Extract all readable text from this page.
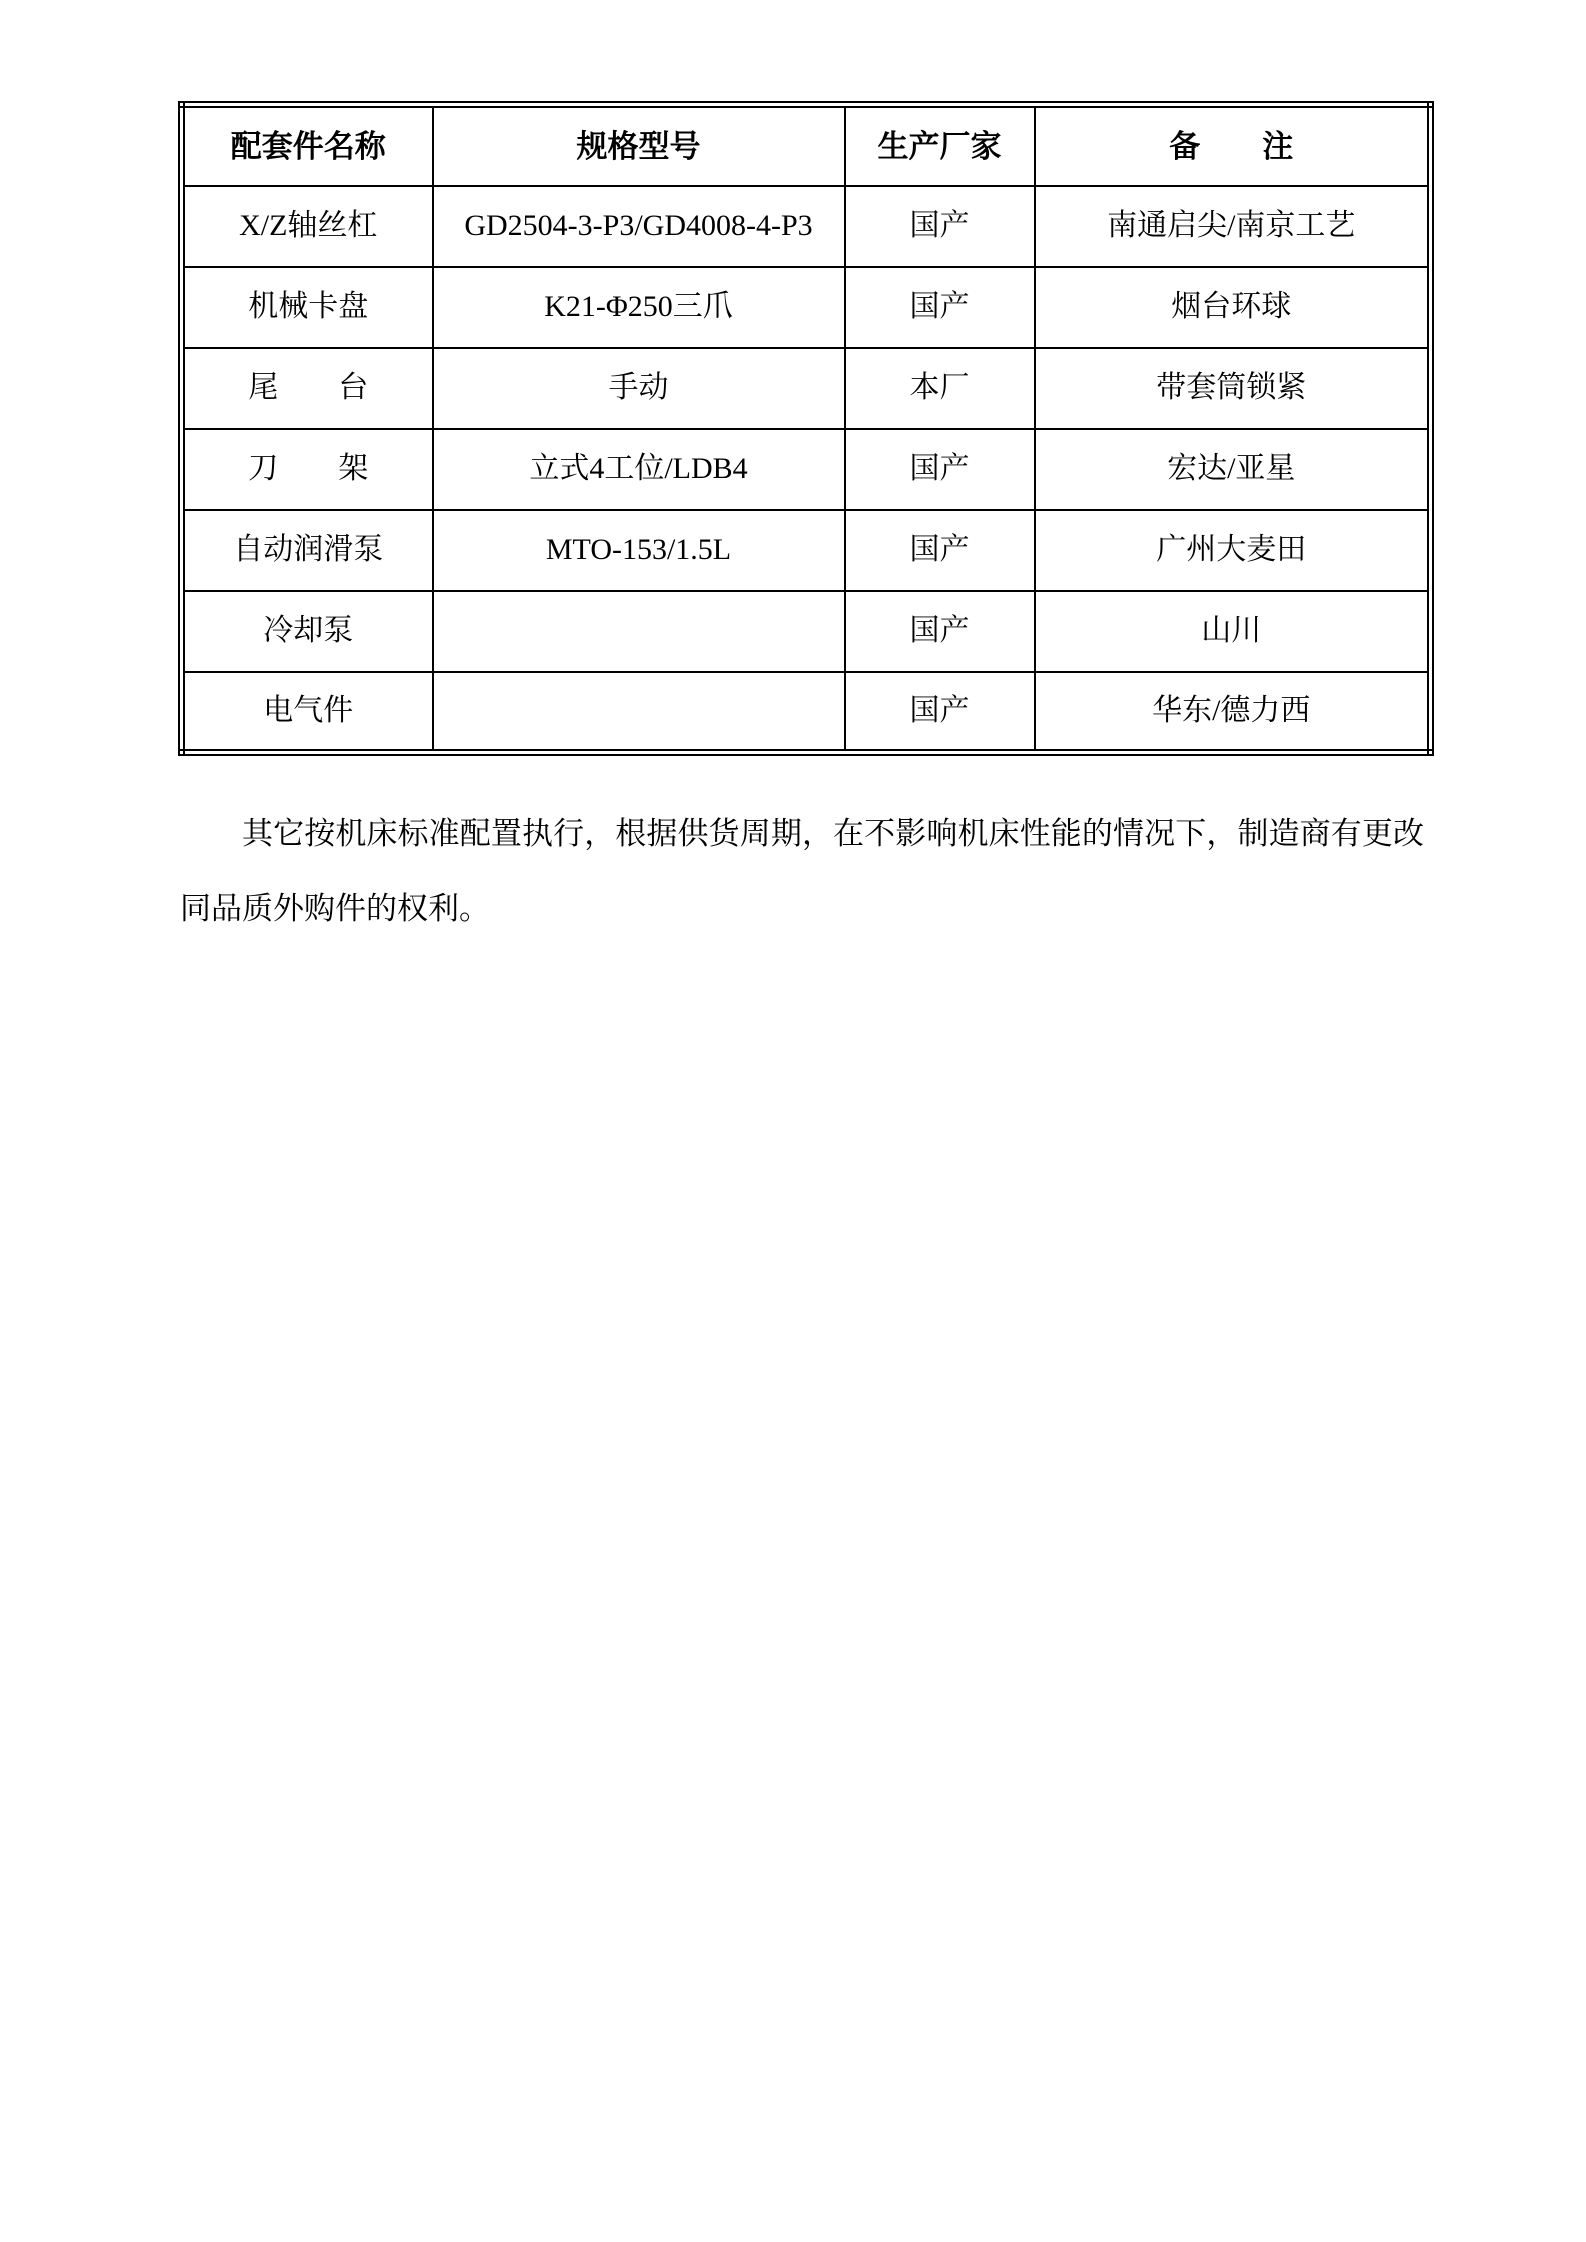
配套件名称	规格型号	生产厂家	备　　注
X/Z轴丝杠	GD2504-3-P3/GD4008-4-P3	国产	南通启尖/南京工艺
机械卡盘	K21-Φ250三爪	国产	烟台环球
尾　　台	手动	本厂	带套筒锁紧
刀　　架	立式4工位/LDB4	国产	宏达/亚星
自动润滑泵	MTO-153/1.5L	国产	广州大麦田
冷却泵		国产	山川
电气件		国产	华东/德力西

其它按机床标准配置执行，根据供货周期，在不影响机床性能的情况下，制造商有更改同品质外购件的权利。
